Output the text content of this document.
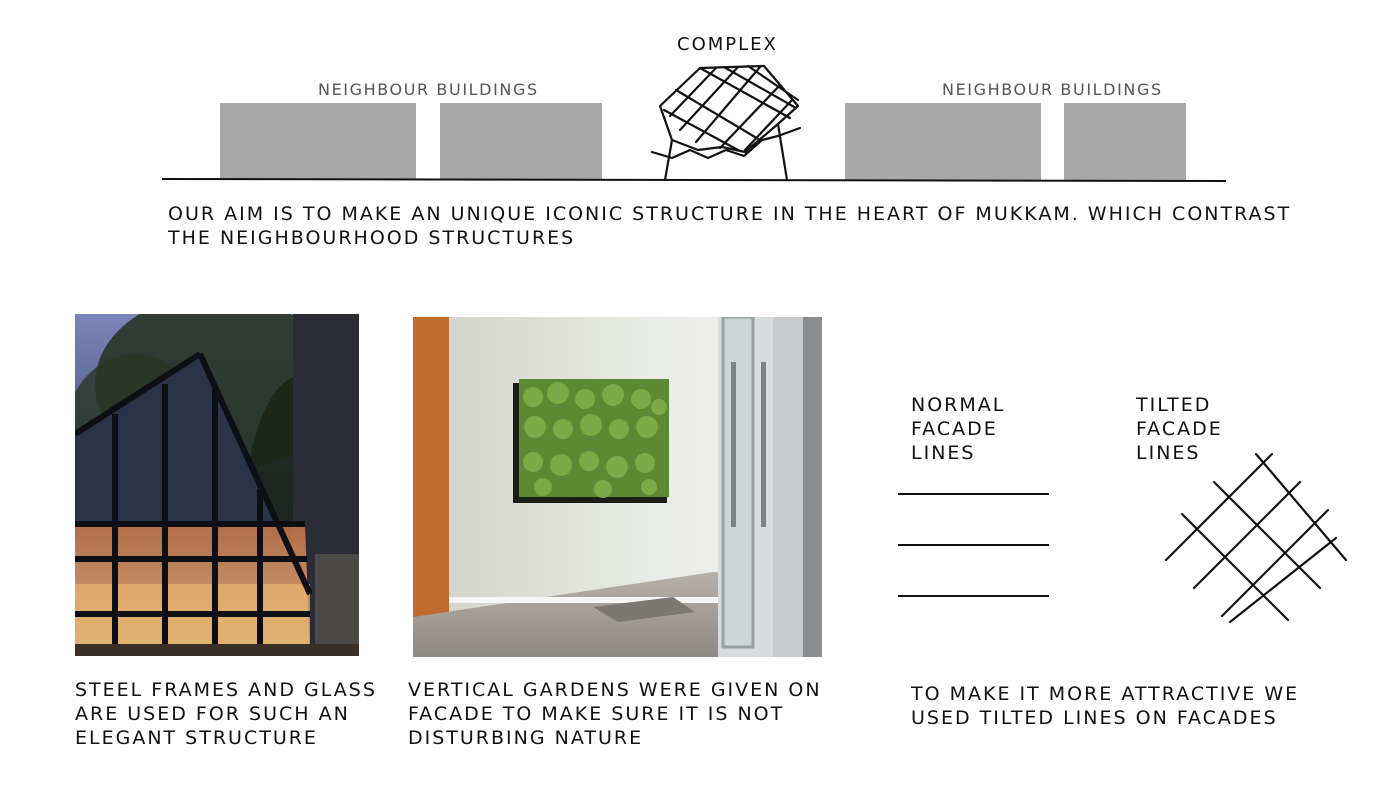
COMPLEX
NEIGHBOUR BUILDINGS	NEIGHBOUR BUILDINGS
OUR AIM IS TO MAKE AN UNIQUE ICONIC STRUCTURE IN THE HEART OF MUKKAM. WHICH CONTRAST
THE NEIGHBOURHOOD STRUCTURES
STEEL FRAMES AND GLASS
ARE USED FOR SUCH AN
ELEGANT STRUCTURE
VERTICAL GARDENS WERE GIVEN ON
FACADE TO MAKE SURE IT IS NOT
DISTURBING NATURE
NORMAL
FACADE
LINES
TILTED
FACADE
LINES
TO MAKE IT MORE ATTRACTIVE WE
USED TILTED LINES ON FACADES
